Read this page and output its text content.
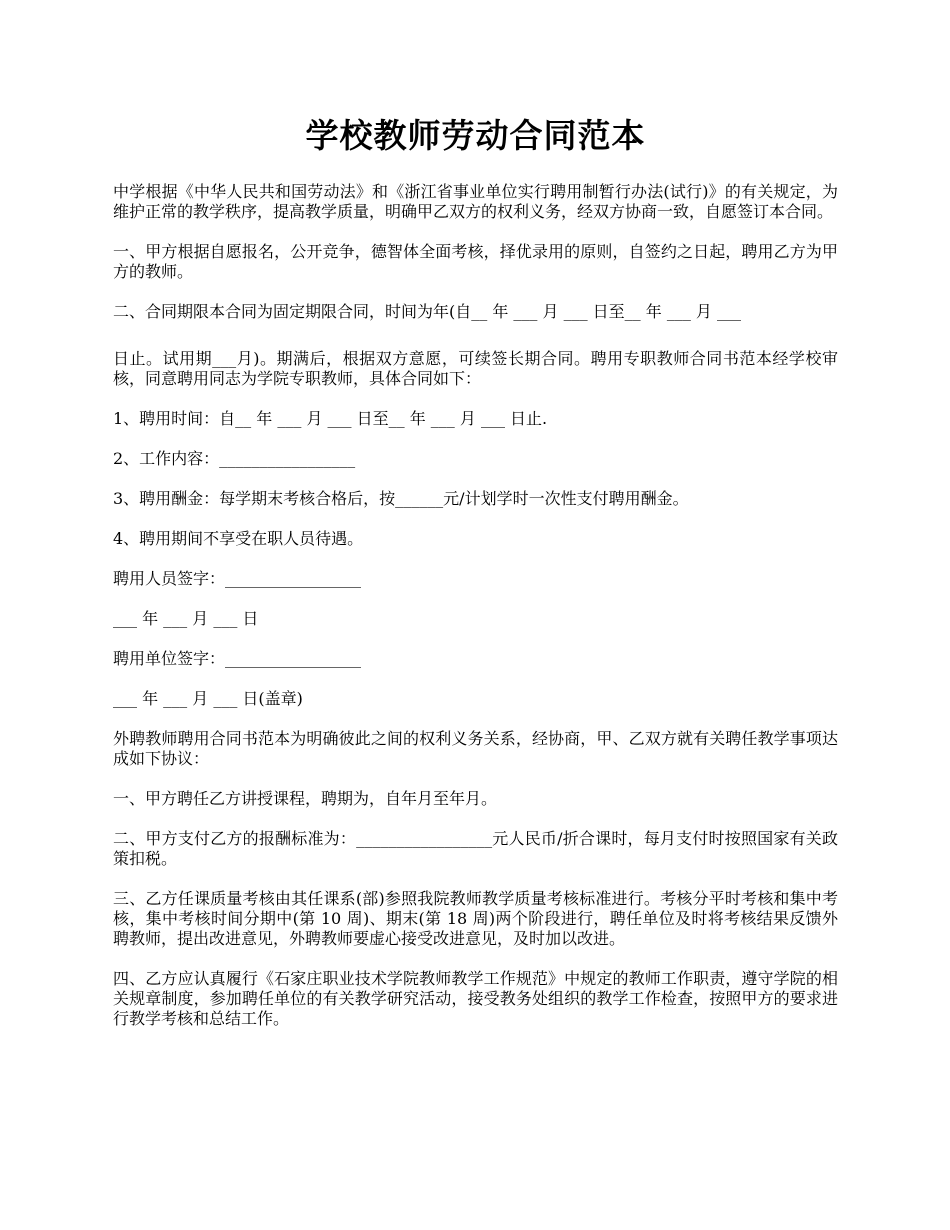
学校教师劳动合同范本

中学根据《中华人民共和国劳动法》和《浙江省事业单位实行聘用制暂行办法(试行)》的有关规定，为维护正常的教学秩序，提高教学质量，明确甲乙双方的权利义务，经双方协商一致，自愿签订本合同。

一、甲方根据自愿报名，公开竞争，德智体全面考核，择优录用的原则，自签约之日起，聘用乙方为甲方的教师。

二、合同期限本合同为固定期限合同，时间为年(自__ 年 ___ 月 ___ 日至__ 年 ___ 月 ___

日止。试用期___月)。期满后，根据双方意愿，可续签长期合同。聘用专职教师合同书范本经学校审核，同意聘用同志为学院专职教师，具体合同如下：

1、聘用时间：自__ 年 ___ 月 ___ 日至__ 年 ___ 月 ___ 日止.

2、工作内容：_________________

3、聘用酬金：每学期末考核合格后，按______元/计划学时一次性支付聘用酬金。

4、聘用期间不享受在职人员待遇。

聘用人员签字：_________________

___ 年 ___ 月 ___ 日

聘用单位签字：_________________

___ 年 ___ 月 ___ 日(盖章)

外聘教师聘用合同书范本为明确彼此之间的权利义务关系，经协商，甲、乙双方就有关聘任教学事项达成如下协议：

一、甲方聘任乙方讲授课程，聘期为，自年月至年月。

二、甲方支付乙方的报酬标准为：_________________元人民币/折合课时，每月支付时按照国家有关政策扣税。

三、乙方任课质量考核由其任课系(部)参照我院教师教学质量考核标准进行。考核分平时考核和集中考核，集中考核时间分期中(第 10 周)、期末(第 18 周)两个阶段进行，聘任单位及时将考核结果反馈外聘教师，提出改进意见，外聘教师要虚心接受改进意见，及时加以改进。

四、乙方应认真履行《石家庄职业技术学院教师教学工作规范》中规定的教师工作职责，遵守学院的相关规章制度，参加聘任单位的有关教学研究活动，接受教务处组织的教学工作检查，按照甲方的要求进行教学考核和总结工作。
